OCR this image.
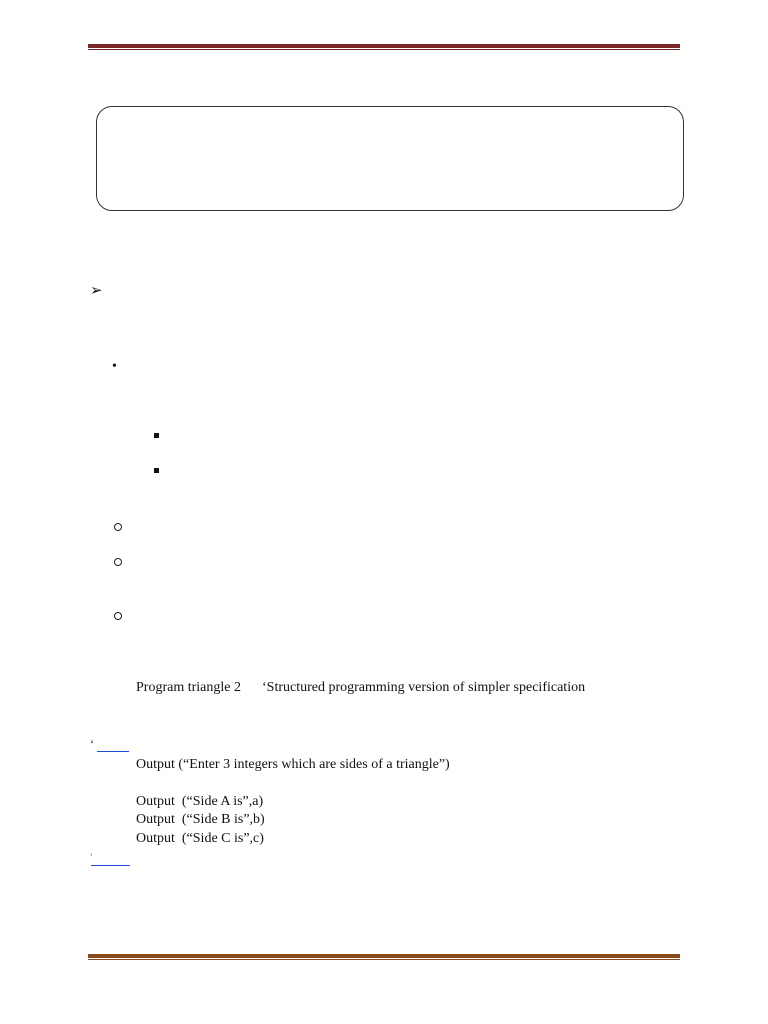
➢
•
Program triangle 2 ‘Structured programming version of simpler specification
‘
Output (“Enter 3 integers which are sides of a triangle”)
Output  (“Side A is”,a)
Output  (“Side B is”,b)
Output  (“Side C is”,c)
‘
